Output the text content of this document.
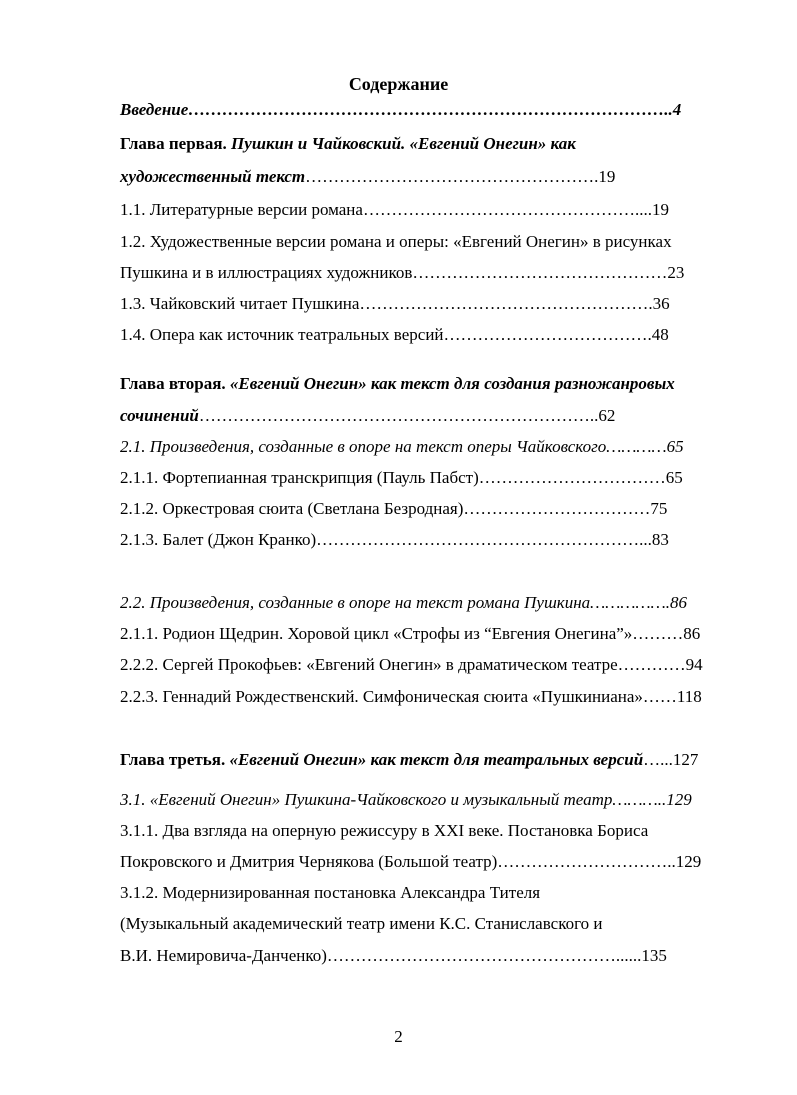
Содержание
Введение…………………………………………………………………………..4
Глава первая. Пушкин и Чайковский. «Евгений Онегин» как
художественный текст…………………………………………….19
1.1. Литературные версии романа…………………………………………....19
1.2. Художественные версии романа и оперы: «Евгений Онегин» в рисунках
Пушкина и в иллюстрациях художников………………………………………23
1.3. Чайковский читает Пушкина…………………………………………….36
1.4. Опера как источник театральных версий……………………………….48
Глава вторая. «Евгений Онегин» как текст для создания разножанровых
сочинений……………………………………………………………..62
2.1. Произведения, созданные в опоре на текст оперы Чайковского…………65
2.1.1. Фортепианная транскрипция (Пауль Пабст)……………………………65
2.1.2. Оркестровая сюита (Светлана Безродная)……………………………75
2.1.3. Балет (Джон Кранко)…………………………………………………...83
2.2. Произведения, созданные в опоре на текст романа Пушкина…………….86
2.1.1. Родион Щедрин. Хоровой цикл «Строфы из “Евгения Онегина”»………86
2.2.2. Сергей Прокофьев: «Евгений Онегин» в драматическом театре…………94
2.2.3. Геннадий Рождественский. Симфоническая сюита «Пушкиниана»……118
Глава третья. «Евгений Онегин» как текст для театральных версий…...127
3.1. «Евгений Онегин» Пушкина-Чайковского и музыкальный театр………..129
3.1.1. Два взгляда на оперную режиссуру в XXI веке. Постановка Бориса
Покровского и Дмитрия Чернякова (Большой театр)…………………………..129
3.1.2. Модернизированная постановка Александра Тителя
(Музыкальный академический театр имени К.С. Станиславского и
В.И. Немировича-Данченко)……………………………………………......135
2
